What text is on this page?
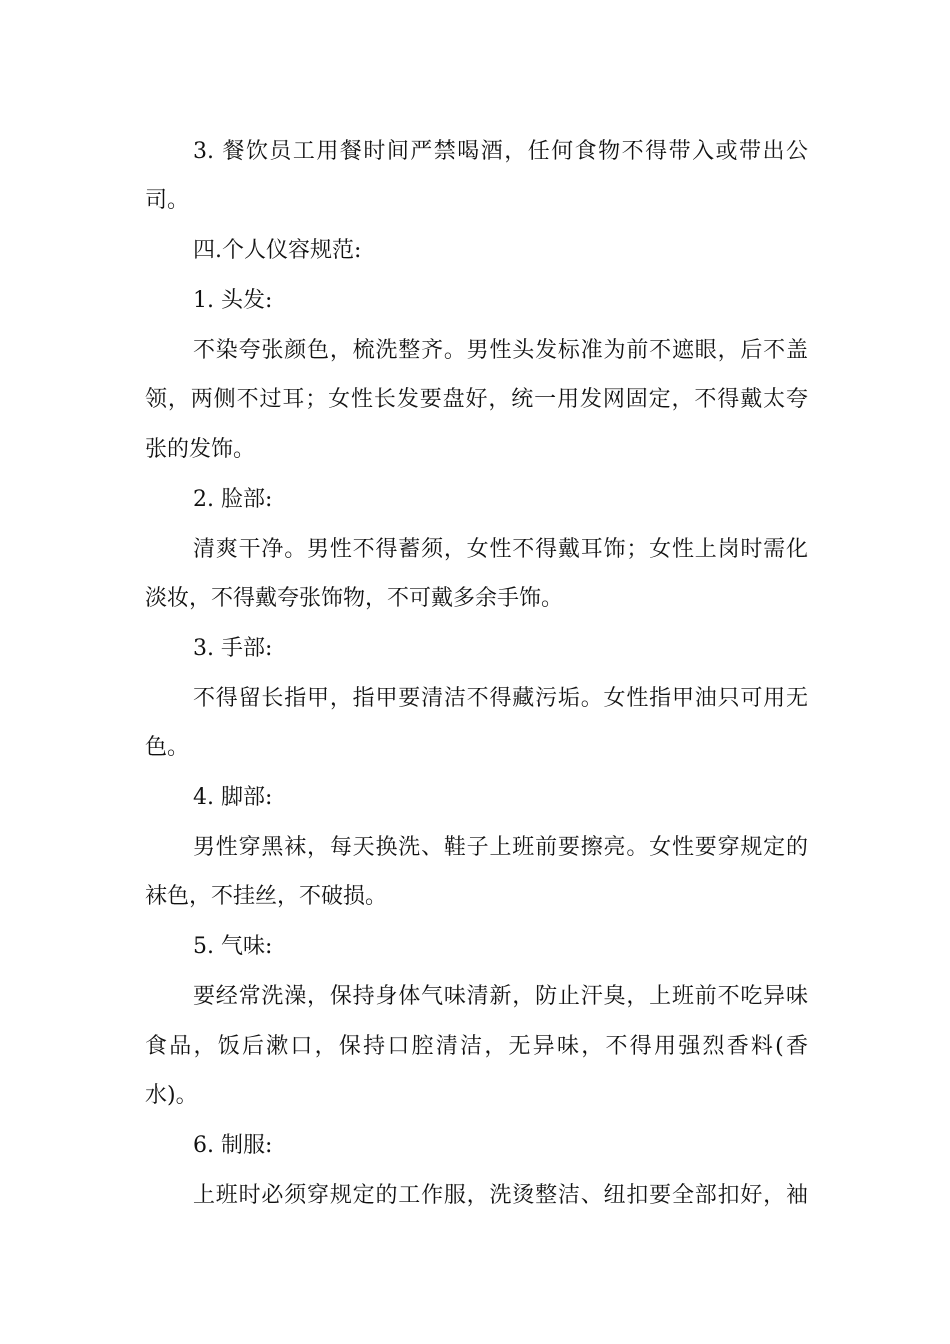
3. 餐饮员工用餐时间严禁喝酒，任何食物不得带入或带出公
司。
四.个人仪容规范:
1. 头发:
不染夸张颜色，梳洗整齐。男性头发标准为前不遮眼，后不盖
领，两侧不过耳；女性长发要盘好，统一用发网固定，不得戴太夸
张的发饰。
2. 脸部:
清爽干净。男性不得蓄须，女性不得戴耳饰；女性上岗时需化
淡妆，不得戴夸张饰物，不可戴多余手饰。
3. 手部:
不得留长指甲，指甲要清洁不得藏污垢。女性指甲油只可用无
色。
4. 脚部:
男性穿黑袜，每天换洗、鞋子上班前要擦亮。女性要穿规定的
袜色，不挂丝，不破损。
5. 气味:
要经常洗澡，保持身体气味清新，防止汗臭，上班前不吃异味
食品，饭后漱口，保持口腔清洁，无异味，不得用强烈香料(香
水)。
6. 制服:
上班时必须穿规定的工作服，洗烫整洁、纽扣要全部扣好，袖
